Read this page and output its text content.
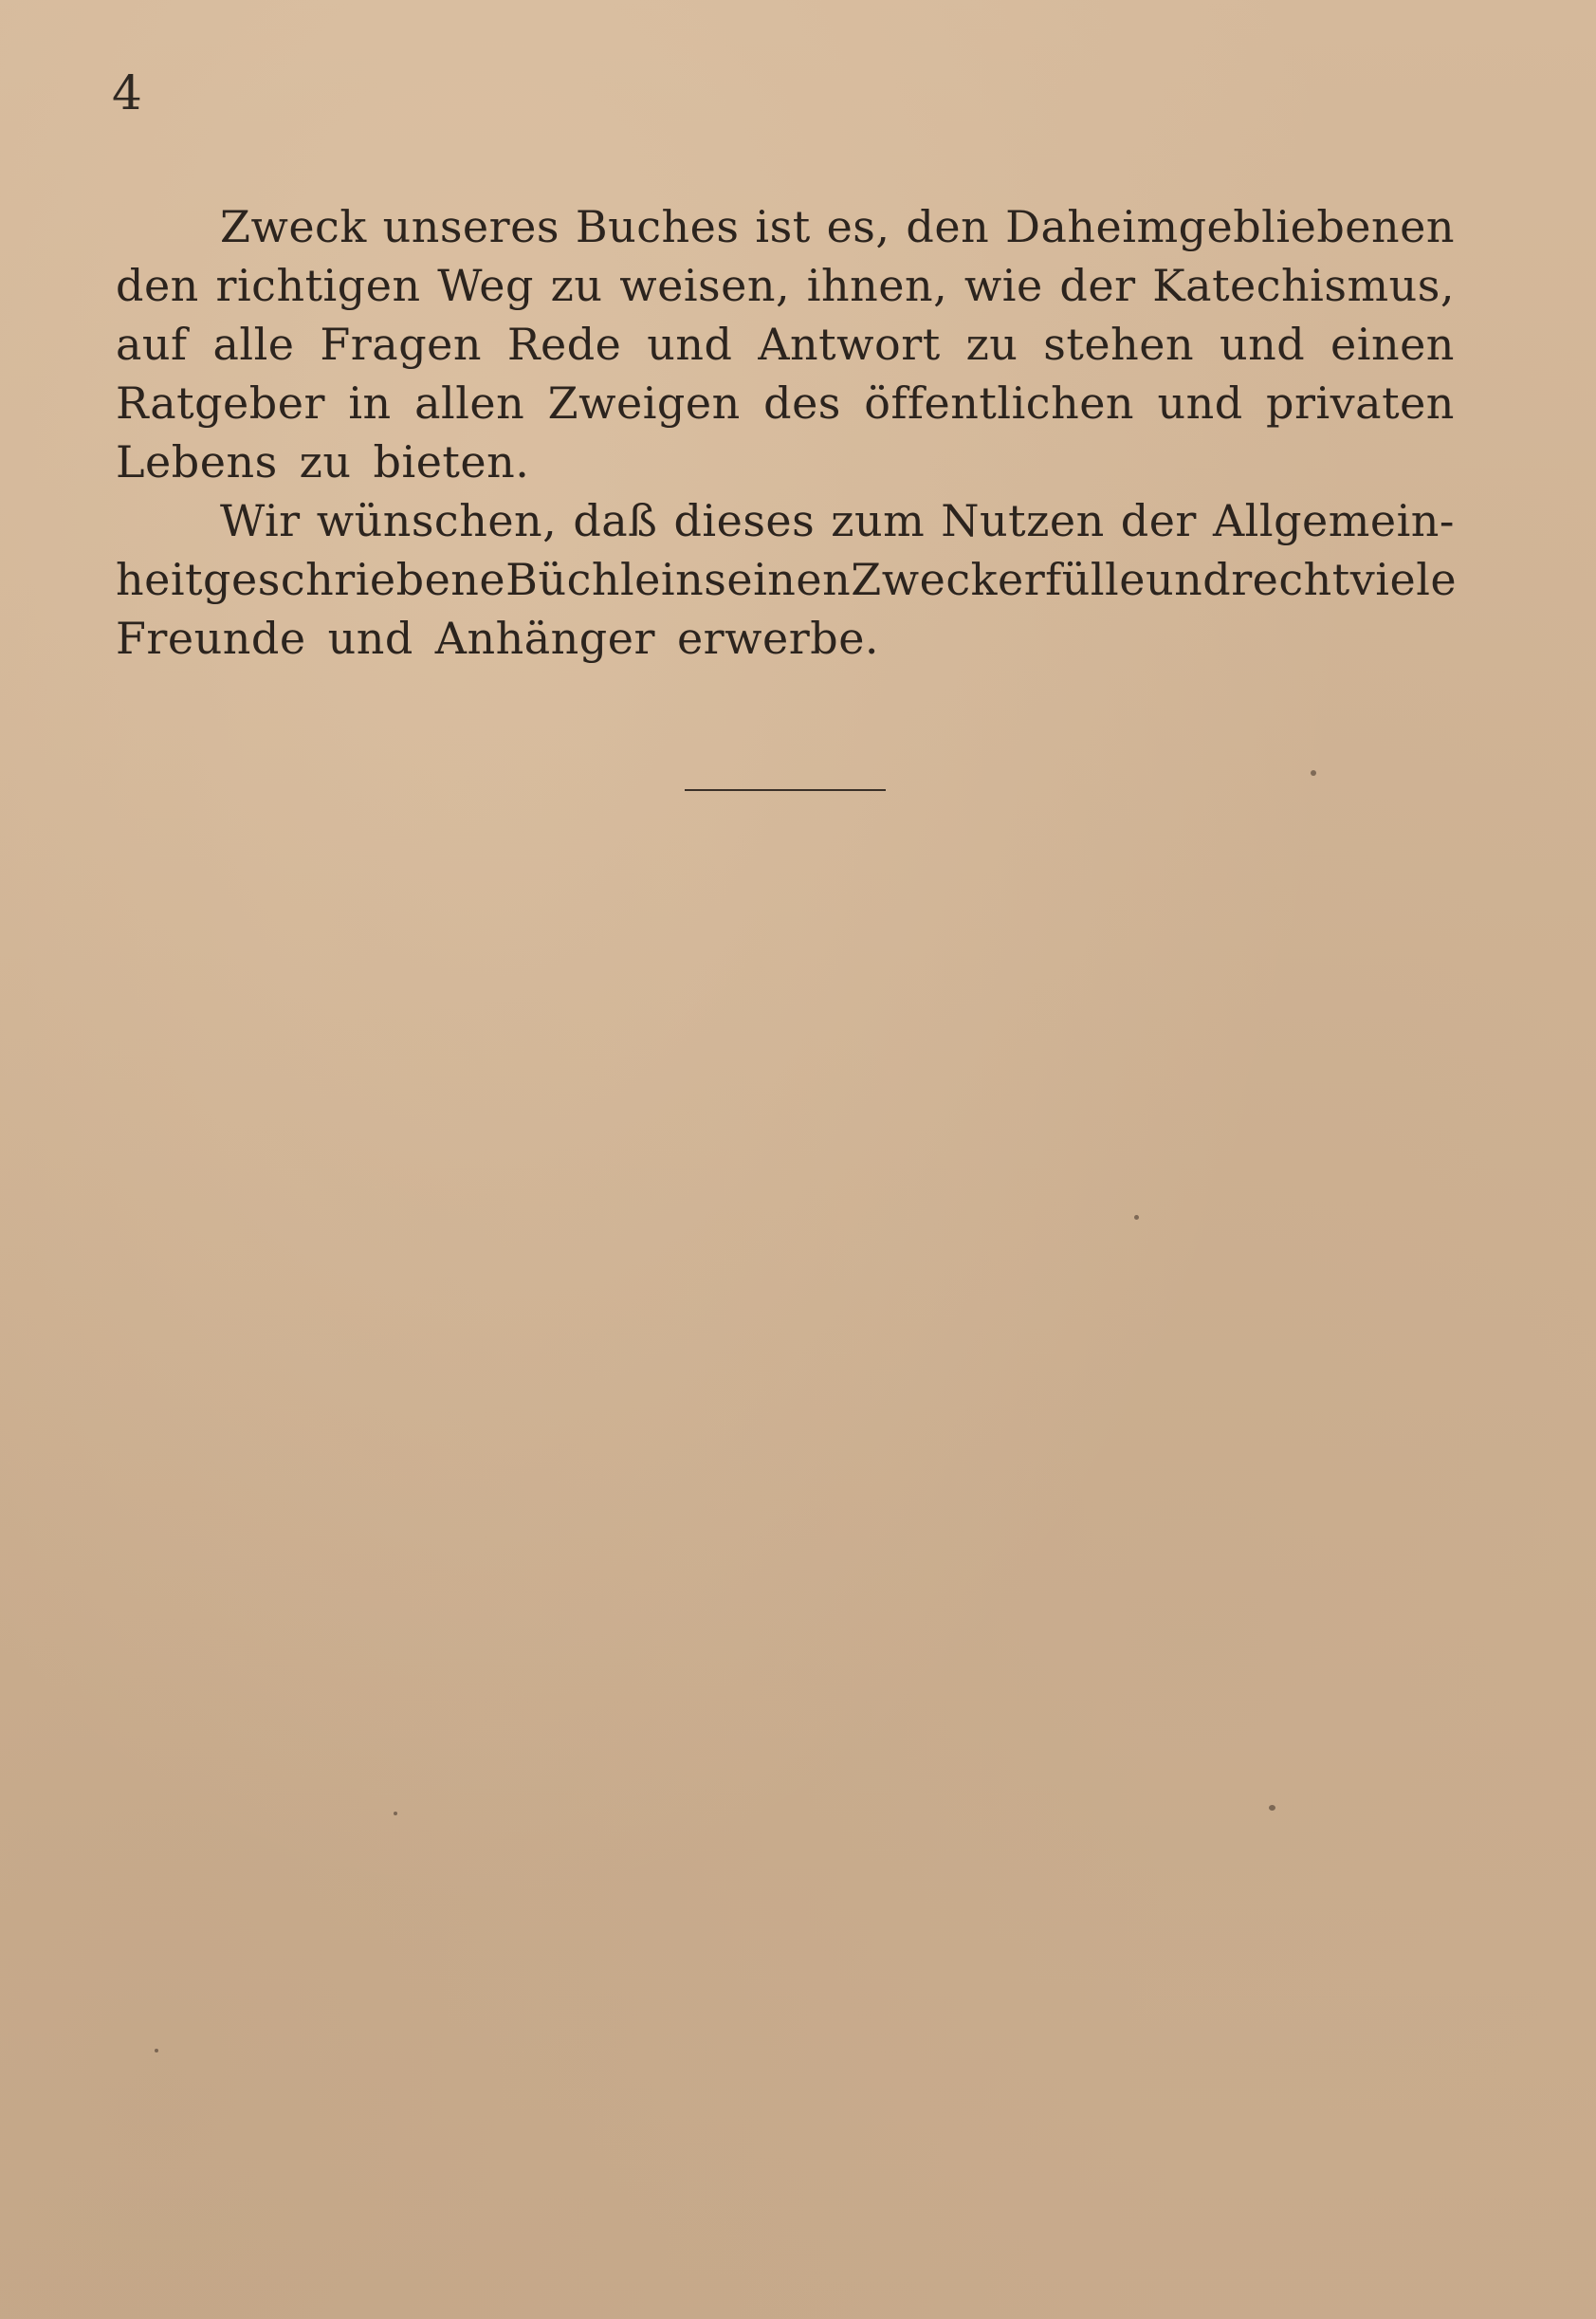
4
Zweck unseres Buches ist es, den Daheimgebliebenen
den richtigen Weg zu weisen, ihnen, wie der Katechismus,
auf alle Fragen Rede und Antwort zu stehen und einen
Ratgeber in allen Zweigen des öffentlichen und privaten
Lebens zu bieten.
Wir wünschen, daß dieses zum Nutzen der Allgemein-
heit geschriebene Büchlein seinen Zweck erfülle und recht viele
Freunde und Anhänger erwerbe.
